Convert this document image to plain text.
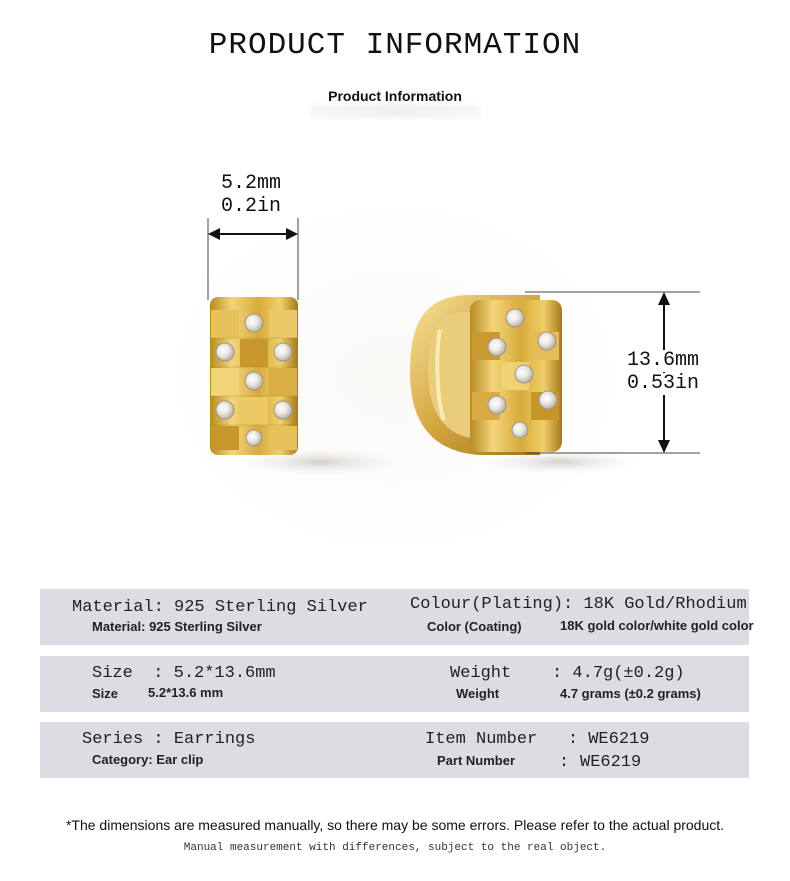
PRODUCT INFORMATION
Product Information
5.2mm
0.2in
13.6mm
0.53in
Material: 925 Sterling Silver
Material: 925 Sterling Silver
Colour(Plating): 18K Gold/Rhodium
Color (Coating)	18K gold color/white gold color
Size  : 5.2*13.6mm
Size 5.2*13.6 mm
Weight    : 4.7g(±0.2g)
Weight	4.7 grams (±0.2 grams)
Series : Earrings
Category: Ear clip
Item Number   : WE6219
Part Number	: WE6219
*The dimensions are measured manually, so there may be some errors. Please refer to the actual product.
Manual measurement with differences, subject to the real object.
